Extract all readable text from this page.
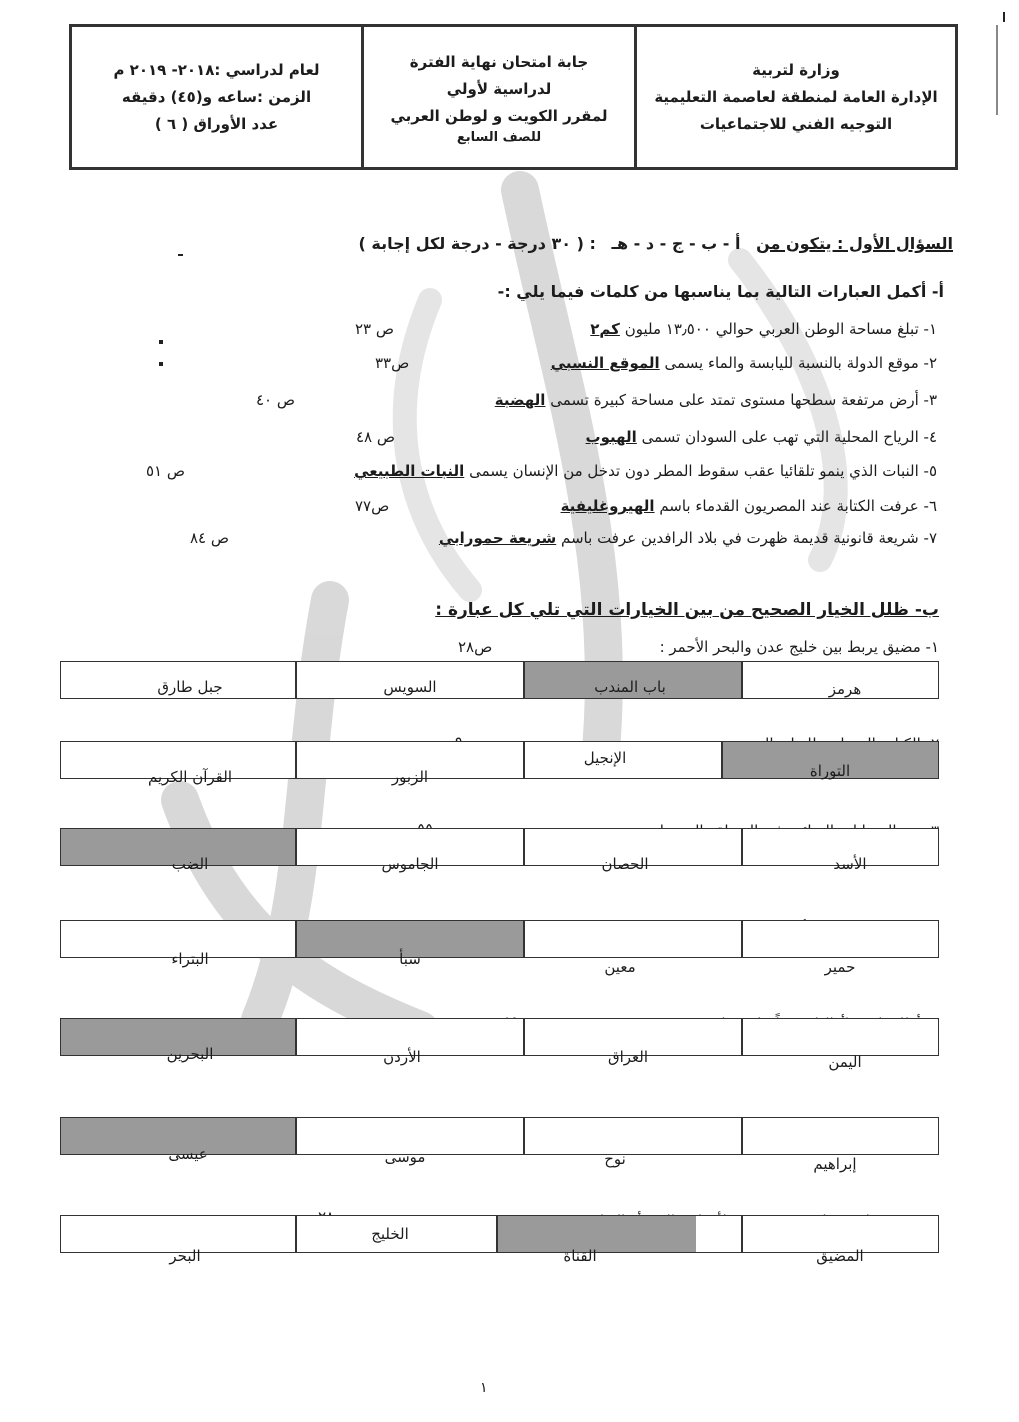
وزارة لتربية
الإدارة العامة لمنطقة لعاصمة التعليمية
التوجيه الفني للاجتماعيات
جابة امتحان نهاية الفترة
لدراسية لأولي
لمقرر الكويت و لوطن العربي
للصف السابع
لعام لدراسي :٢٠١٨- ٢٠١٩ م
الزمن :ساعه و(٤٥) دقيقه
عدد الأوراق ( ٦ )
السؤال الأول : يتكون من أ - ب - ج - د - هـ : ( ٣٠ درجة - درجة لكل إجابة )
أ- أكمل العبارات التالية بما يناسبها من كلمات فيما يلي :-
١- تبلغ مساحة الوطن العربي حوالي ١٣٫٥٠٠ مليون كم٢
ص ٢٣
٢- موقع الدولة بالنسبة لليابسة والماء يسمى الموقع النسبي
ص٣٣
٣- أرض مرتفعة سطحها مستوى تمتد على مساحة كبيرة تسمى الهضبة
ص ٤٠
٤- الرياح المحلية التي تهب على السودان تسمى الهبوب
ص ٤٨
٥- النبات الذي ينمو تلقائيا عقب سقوط المطر دون تدخل من الإنسان يسمى النبات الطبيعي
ص ٥١
٦- عرفت الكتابة عند المصريون القدماء باسم الهيروغليفية
ص٧٧
٧- شريعة قانونية قديمة ظهرت في بلاد الرافدين عرفت باسم شريعة حمورابي
ص ٨٤
ب- ظلل الخيار الصحيح من بين الخيارات التي تلي كل عبارة :
١- مضيق يربط بين خليج عدن والبحر الأحمر :
ص٢٨
هرمز
باب المندب
السويس
جبل طارق
التوراة
الإنجيل
الزبور
القرآن الكريم
الأسد
الحصان
الجاموس
الضب
حمير
معين
سبأ
البتراء
اليمن
العراق
الأردن
البحرين
إبراهيم
نوح
موسى
عيسى
المضيق
القناة
الخليج
البحر
١
